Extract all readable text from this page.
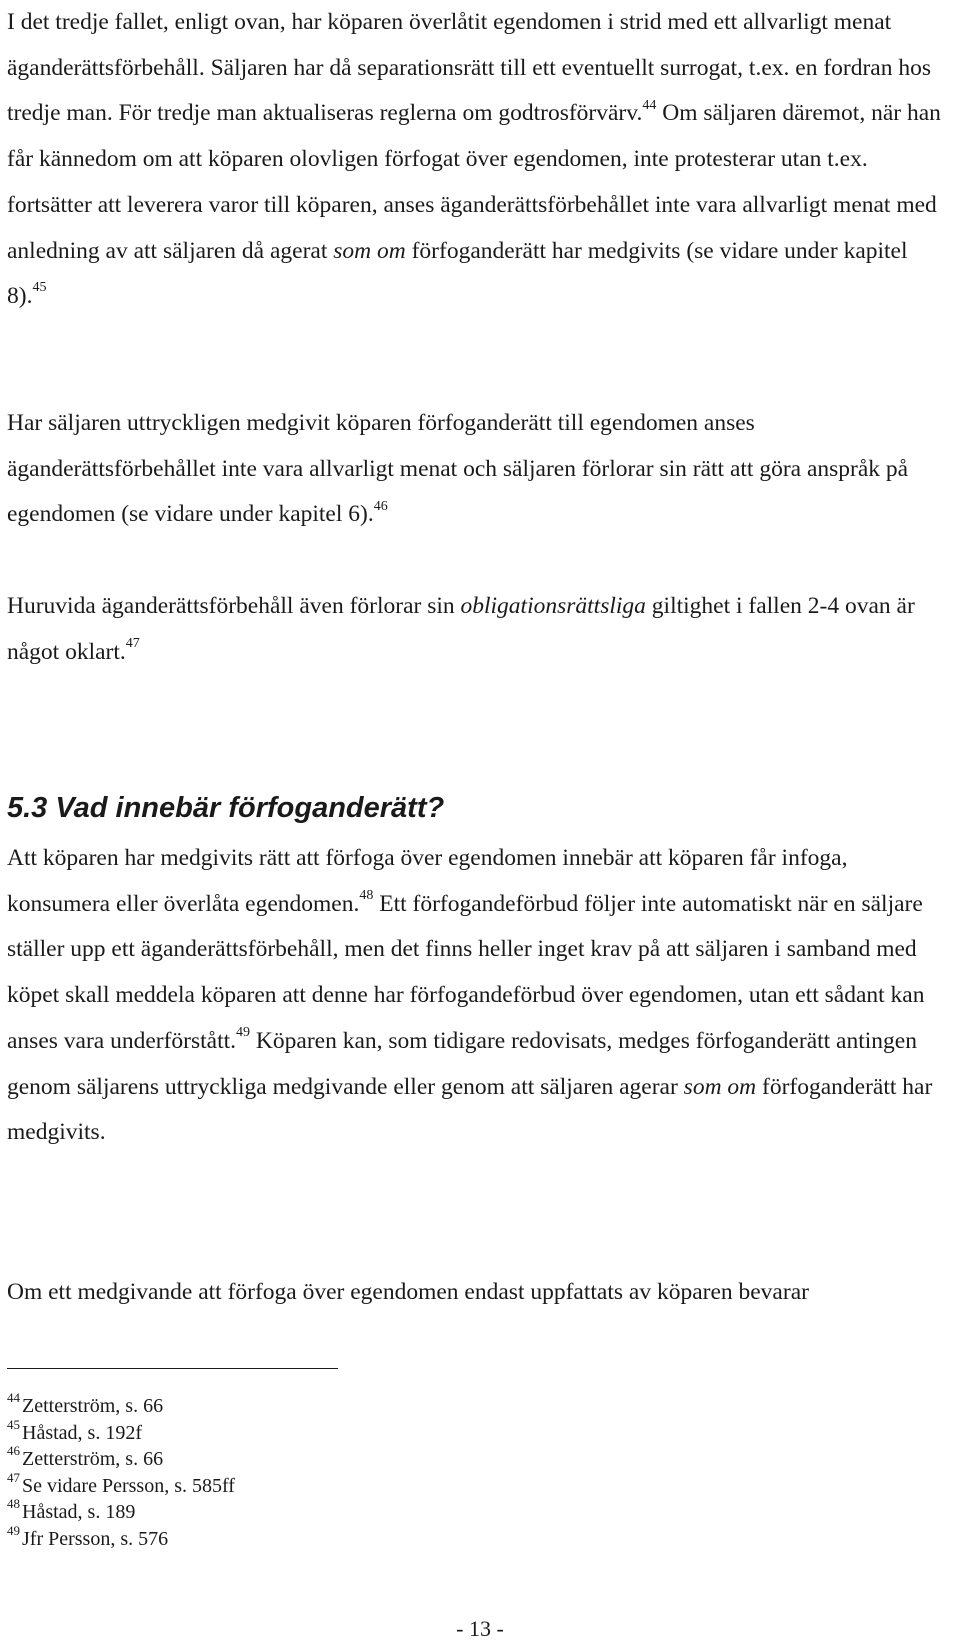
I det tredje fallet, enligt ovan, har köparen överlåtit egendomen i strid med ett allvarligt menat äganderättsförbehåll. Säljaren har då separationsrätt till ett eventuellt surrogat, t.ex. en fordran hos tredje man. För tredje man aktualiseras reglerna om godtrosförvärv.$^{44}$ Om säljaren däremot, när han får kännedom om att köparen olovligen förfogat över egendomen, inte protesterar utan t.ex. fortsätter att leverera varor till köparen, anses äganderättsförbehållet inte vara allvarligt menat med anledning av att säljaren då agerat som om förfoganderätt har medgivits (se vidare under kapitel 8).$^{45}$

Har säljaren uttryckligen medgivit köparen förfoganderätt till egendomen anses äganderättsförbehållet inte vara allvarligt menat och säljaren förlorar sin rätt att göra anspråk på egendomen (se vidare under kapitel 6).$^{46}$

Huruvida äganderättsförbehåll även förlorar sin obligationsrättsliga giltighet i fallen 2-4 ovan är något oklart.$^{47}$

5.3 Vad innebär förfoganderätt?

Att köparen har medgivits rätt att förfoga över egendomen innebär att köparen får infoga, konsumera eller överlåta egendomen.$^{48}$ Ett förfogandeförbud följer inte automatiskt när en säljare ställer upp ett äganderättsförbehåll, men det finns heller inget krav på att säljaren i samband med köpet skall meddela köparen att denne har förfogandeförbud över egendomen, utan ett sådant kan anses vara underförstått.$^{49}$ Köparen kan, som tidigare redovisats, medges förfoganderätt antingen genom säljarens uttryckliga medgivande eller genom att säljaren agerar som om förfoganderätt har medgivits.

Om ett medgivande att förfoga över egendomen endast uppfattats av köparen bevarar

$^{44}$ Zetterström, s. 66

$^{45}$ Håstad, s. 192f

$^{46}$ Zetterström, s. 66

$^{47}$ Se vidare Persson, s. 585ff

$^{48}$ Håstad, s. 189

$^{49}$ Jfr Persson, s. 576

- 13 -
